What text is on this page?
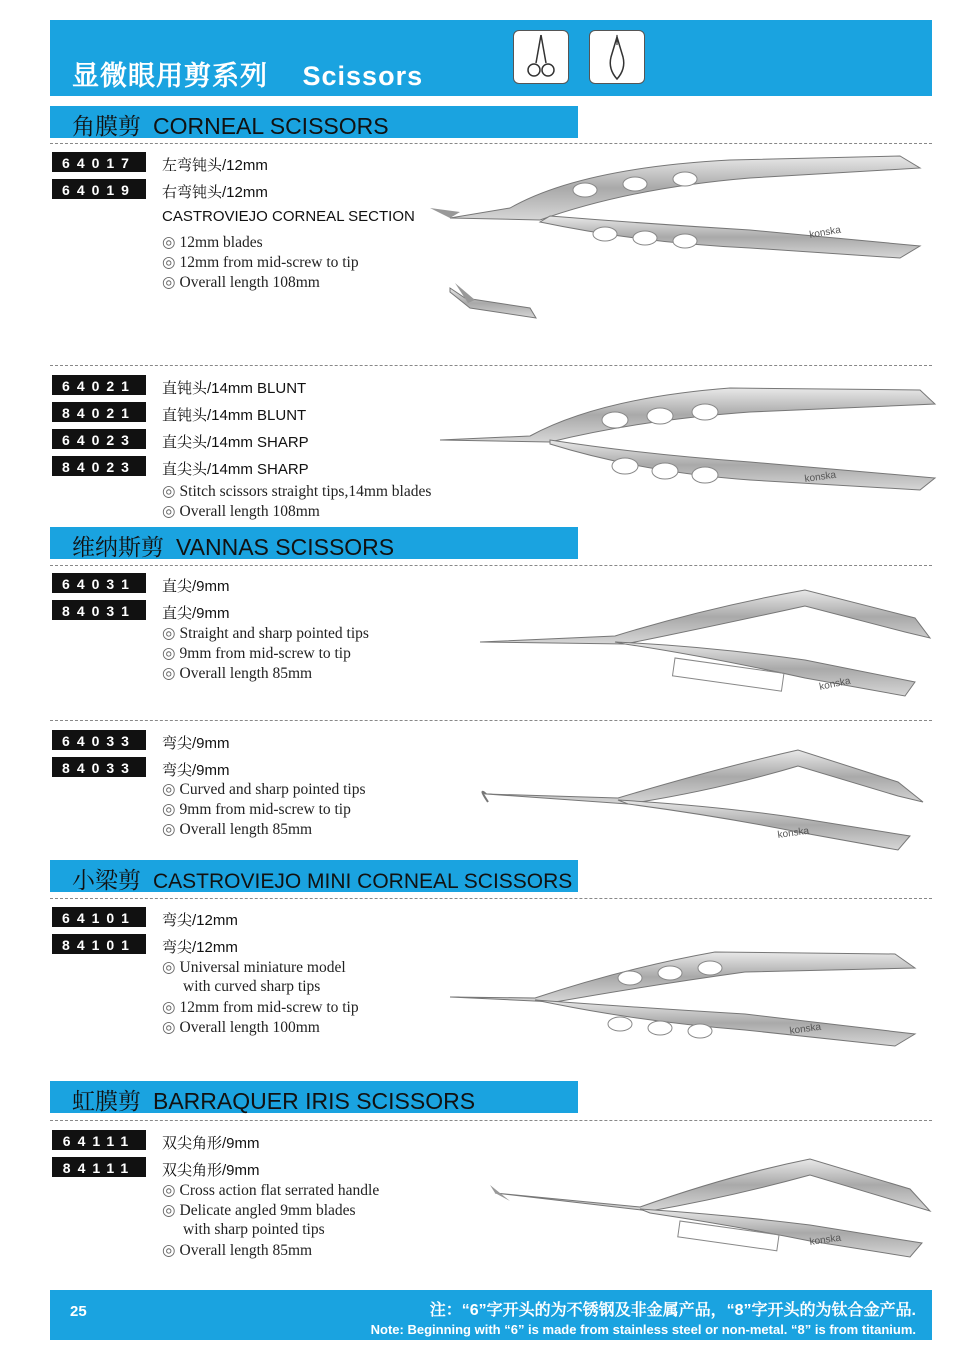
显微眼用剪系列 Scissors
角膜剪 CORNEAL SCISSORS
64017	左弯钝头/12mm
64019	右弯钝头/12mm
CASTROVIEJO CORNEAL SECTION
◎ 12mm blades
◎ 12mm from mid-screw to tip
◎ Overall length 108mm
konska
64021	直钝头/14mm BLUNT
84021	直钝头/14mm BLUNT
64023	直尖头/14mm SHARP
84023	直尖头/14mm SHARP
◎ Stitch scissors straight tips,14mm blades
◎ Overall length 108mm
konska
维纳斯剪 VANNAS SCISSORS
64031	直尖/9mm
84031	直尖/9mm
◎ Straight and sharp pointed tips
◎ 9mm from mid-screw to tip
◎ Overall length 85mm
konska
64033	弯尖/9mm
84033	弯尖/9mm
◎ Curved and sharp pointed tips
◎ 9mm from mid-screw to tip
◎ Overall length 85mm	konska
小梁剪 CASTROVIEJO MINI CORNEAL SCISSORS
64101	弯尖/12mm
84101	弯尖/12mm
◎ Universal miniature model
with curved sharp tips
◎ 12mm from mid-screw to tip
◎ Overall length 100mm	konska
虹膜剪 BARRAQUER IRIS SCISSORS
64111	双尖角形/9mm
84111	双尖角形/9mm
◎ Cross action flat serrated handle
◎ Delicate angled 9mm blades
with sharp pointed tips
◎ Overall length 85mm
konska
25	注：“6”字开头的为不锈钢及非金属产品，“8”字开头的为钛合金产品.
Note: Beginning with “6” is made from stainless steel or non-metal. “8” is from titanium.
